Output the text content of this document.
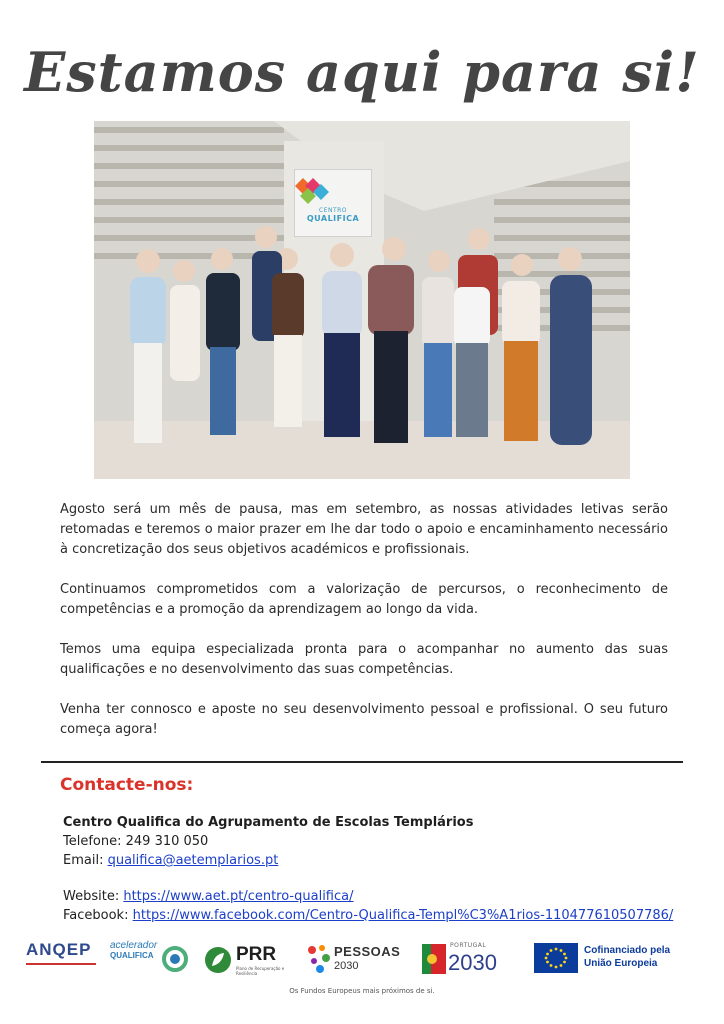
Estamos aqui para si!
CENTRO
QUALIFICA

Agosto será um mês de pausa, mas em setembro, as nossas atividades letivas serão retomadas e teremos o maior prazer em lhe dar todo o apoio e encaminhamento necessário à concretização dos seus objetivos académicos e profissionais.

Continuamos comprometidos com a valorização de percursos, o reconhecimento de competências e a promoção da aprendizagem ao longo da vida.

Temos uma equipa especializada pronta para o acompanhar no aumento das suas qualificações e no desenvolvimento das suas competências.

Venha ter connosco e aposte no seu desenvolvimento pessoal e profissional. O seu futuro começa agora!

Contacte-nos:
Centro Qualifica do Agrupamento de Escolas Templários
Telefone: 249 310 050
Email: qualifica@aetemplarios.pt
Website: https://www.aet.pt/centro-qualifica/
Facebook: https://www.facebook.com/Centro-Qualifica-Templ%C3%A1rios-110477610507786/
ANQEP	acelerador
QUALIFICA	PRR
Plano de Recuperação e Resiliência
PESSOAS
2030
PORTUGAL
2030	Cofinanciado pela
União Europeia
Os Fundos Europeus mais próximos de si.
